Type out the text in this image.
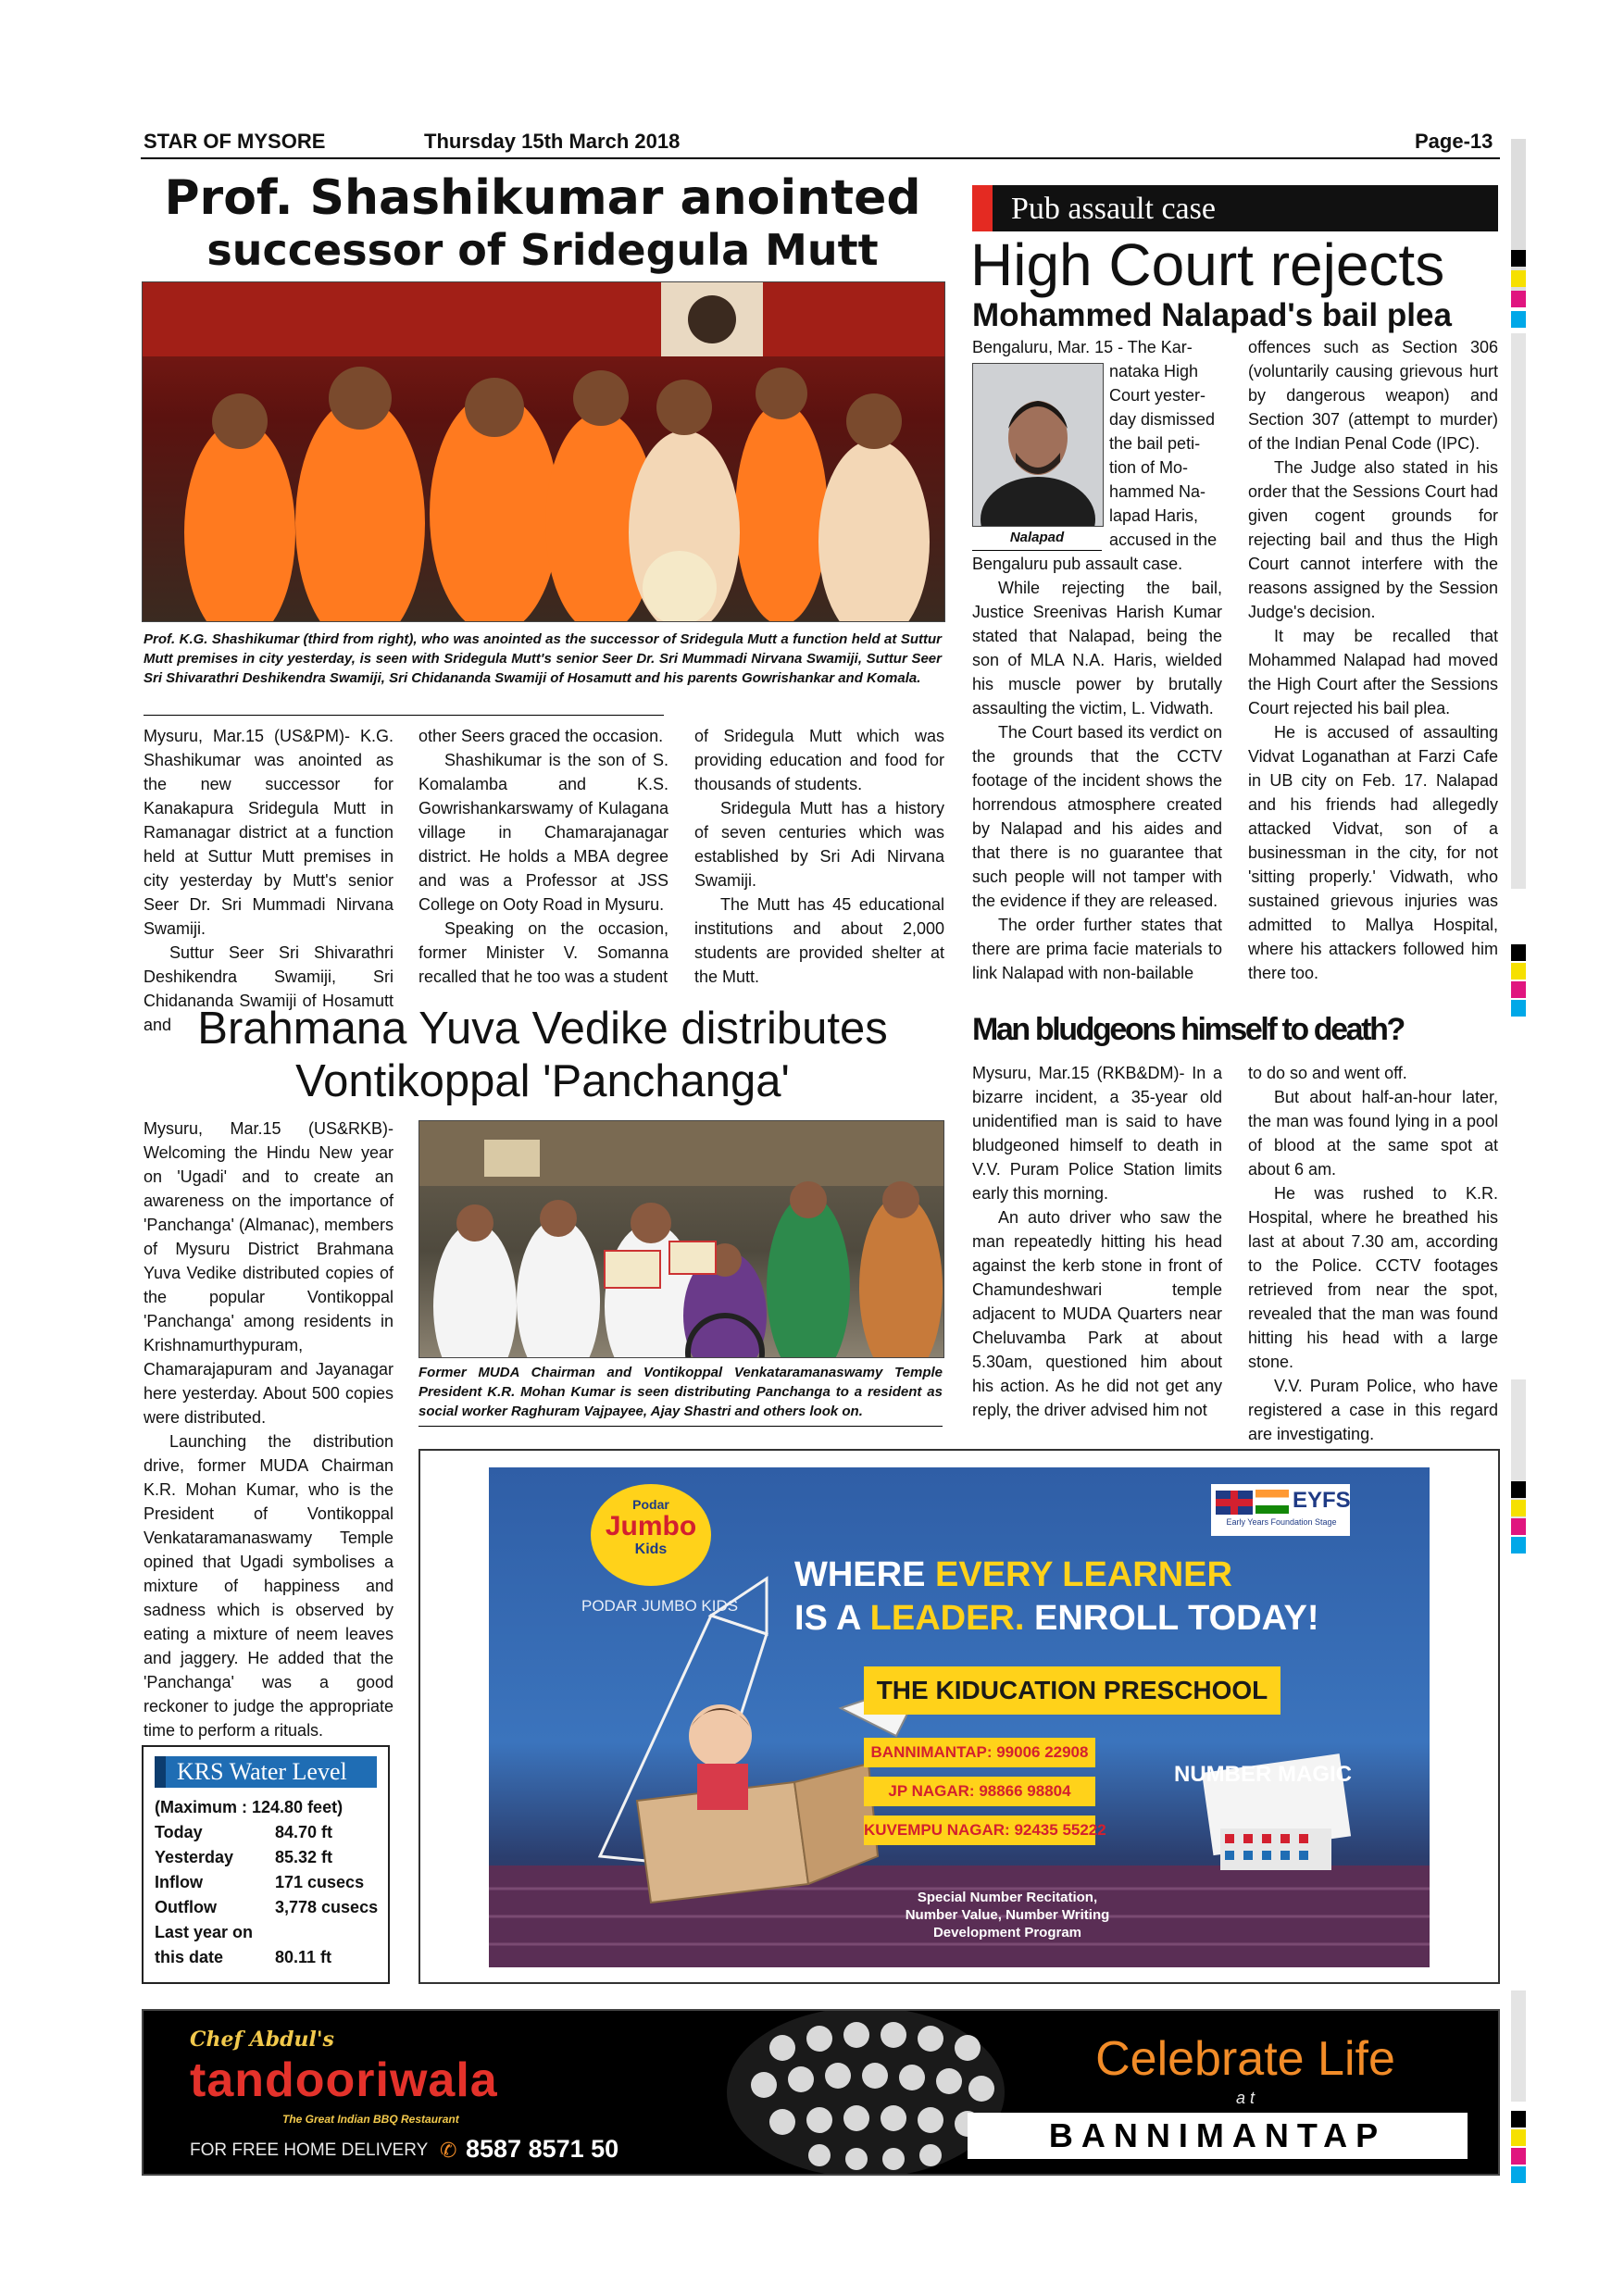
STAR OF MYSORE	Thursday 15th March 2018	Page-13
Prof. Shashikumar anointed
successor of Sridegula Mutt
Prof. K.G. Shashikumar (third from right), who was anointed as the successor of Sridegula Mutt a function held at Suttur Mutt premises in city yesterday, is seen with Sridegula Mutt's senior Seer Dr. Sri Mummadi Nirvana Swamiji, Suttur Seer Sri Shivarathri Deshikendra Swamiji, Sri Chidananda Swamiji of Hosamutt and his parents Gowrishankar and Komala.

Mysuru, Mar.15 (US&PM)- K.G. Shashikumar was anointed as the new successor for Kanakapura Sridegula Mutt in Ramanagar district at a function held at Suttur Mutt premises in city yesterday by Mutt's senior Seer Dr. Sri Mummadi Nirvana Swamiji.

Suttur Seer Sri Shivarathri Deshikendra Swamiji, Sri Chidananda Swamiji of Hosamutt and

other Seers graced the occasion.

Shashikumar is the son of S. Komalamba and K.S. Gowrishankarswamy of Kulagana village in Chamarajanagar district. He holds a MBA degree and was a Professor at JSS College on Ooty Road in Mysuru.

Speaking on the occasion, former Minister V. Somanna recalled that he too was a student

of Sridegula Mutt which was providing education and food for thousands of students.

Sridegula Mutt has a history of seven centuries which was established by Sri Adi Nirvana Swamiji.

The Mutt has 45 educational institutions and about 2,000 students are provided shelter at the Mutt.

Pub assault case
High Court rejects
Mohammed Nalapad's bail plea
Nalapad
Bengaluru, Mar. 15 - The Kar-
nataka High
Court yester-
day dismissed
the bail peti-
tion of Mo-
hammed Na-
lapad Haris,
accused in the

Bengaluru pub assault case.

While rejecting the bail, Justice Sreenivas Harish Kumar stated that Nalapad, being the son of MLA N.A. Haris, wielded his muscle power by brutally assaulting the victim, L. Vidwath.

The Court based its verdict on the grounds that the CCTV footage of the incident shows the horrendous atmosphere created by Nalapad and his aides and that there is no guarantee that such people will not tamper with the evidence if they are released.

The order further states that there are prima facie materials to link Nalapad with non-bailable

offences such as Section 306 (voluntarily causing grievous hurt by dangerous weapon) and Section 307 (attempt to murder) of the Indian Penal Code (IPC).

The Judge also stated in his order that the Sessions Court had given cogent grounds for rejecting bail and thus the High Court cannot interfere with the reasons assigned by the Session Judge's decision.

It may be recalled that Mohammed Nalapad had moved the High Court after the Sessions Court rejected his bail plea.

He is accused of assaulting Vidvat Loganathan at Farzi Cafe in UB city on Feb. 17. Nalapad and his friends had allegedly attacked Vidvat, son of a businessman in the city, for not 'sitting properly.' Vidwath, who sustained grievous injuries was admitted to Mallya Hospital, where his attackers followed him there too.

Brahmana Yuva Vedike distributes
Vontikoppal 'Panchanga'

Mysuru, Mar.15 (US&RKB)- Welcoming the Hindu New year on 'Ugadi' and to create an awareness on the importance of 'Panchanga' (Almanac), members of Mysuru District Brahmana Yuva Vedike distributed copies of the popular Vontikoppal 'Panchanga' among residents in Krishnamurthypuram, Chamarajapuram and Jayanagar here yesterday. About 500 copies were distributed.

Launching the distribution drive, former MUDA Chairman K.R. Mohan Kumar, who is the President of Vontikoppal Venkataramanaswamy Temple opined that Ugadi symbolises a mixture of happiness and sadness which is observed by eating a mixture of neem leaves and jaggery. He added that the 'Panchanga' was a good reckoner to judge the appropriate time to perform a rituals.

Former MUDA Chairman and Vontikoppal Venkataramanaswamy Temple President K.R. Mohan Kumar is seen distributing Panchanga to a resident as social worker Raghuram Vajpayee, Ajay Shastri and others look on.
Man bludgeons himself to death?

Mysuru, Mar.15 (RKB&DM)- In a bizarre incident, a 35-year old unidentified man is said to have bludgeoned himself to death in V.V. Puram Police Station limits early this morning.

An auto driver who saw the man repeatedly hitting his head against the kerb stone in front of Chamundeshwari temple adjacent to MUDA Quarters near Cheluvamba Park at about 5.30am, questioned him about his action. As he did not get any reply, the driver advised him not

to do so and went off.

But about half-an-hour later, the man was found lying in a pool of blood at the same spot at about 6 am.

He was rushed to K.R. Hospital, where he breathed his last at about 7.30 am, according to the Police. CCTV footages retrieved from near the spot, revealed that the man was found hitting his head with a large stone.

V.V. Puram Police, who have registered a case in this regard are investigating.

KRS Water Level
(Maximum : 124.80 feet)
Today	84.70 ft
Yesterday	85.32 ft
Inflow	171 cusecs
Outflow	3,778 cusecs
Last year on
this date	80.11 ft
Podar
Jumbo
Kids
PODAR JUMBO KIDS
EYFS
Early Years Foundation Stage
WHERE EVERY LEARNER
IS A LEADER. ENROLL TODAY!
THE KIDUCATION PRESCHOOL
BANNIMANTAP: 99006 22908
JP NAGAR: 98866 98804
KUVEMPU NAGAR: 92435 55222
NUMBER MAGIC
Special Number Recitation,
Number Value, Number Writing
Development Program
Chef Abdul's
tandooriwala
The Great Indian BBQ Restaurant
FOR FREE HOME DELIVERY ✆ 8587 8571 50
Celebrate Life
a t
BANNIMANTAP
